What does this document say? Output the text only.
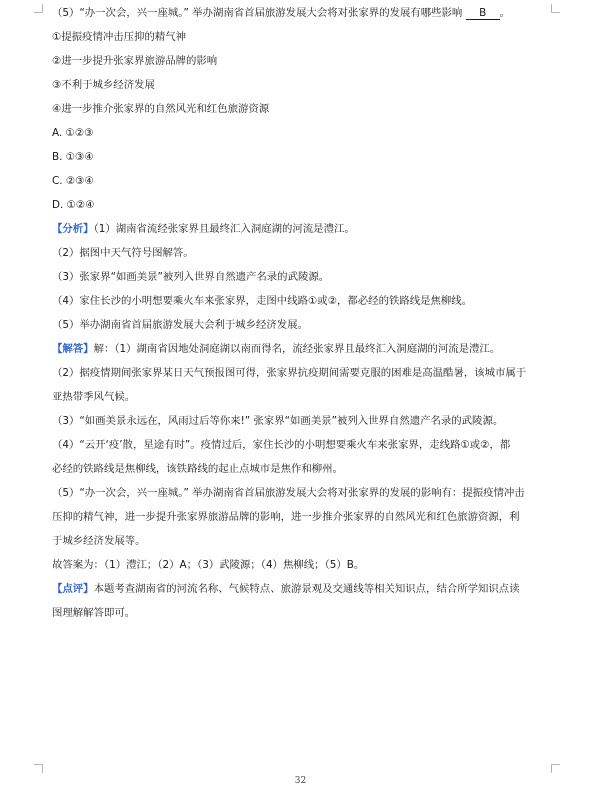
（5）“办一次会，兴一座城。” 举办湖南省首届旅游发展大会将对张家界的发展有哪些影响 B 。

①提振疫情冲击压抑的精气神

②进一步提升张家界旅游品牌的影响

③不利于城乡经济发展

④进一步推介张家界的自然风光和红色旅游资源

A. ①②③

B. ①③④

C. ②③④

D. ①②④

【分析】（1）湖南省流经张家界且最终汇入洞庭湖的河流是澧江。

（2）据图中天气符号图解答。

（3）张家界“如画美景”被列入世界自然遗产名录的武陵源。

（4）家住长沙的小明想要乘火车来张家界，走图中线路①或②，都必经的铁路线是焦柳线。

（5）举办湖南省首届旅游发展大会利于城乡经济发展。

【解答】解：（1）湖南省因地处洞庭湖以南而得名，流经张家界且最终汇入洞庭湖的河流是澧江。

（2）据疫情期间张家界某日天气预报图可得，张家界抗疫期间需要克服的困难是高温酷暑，该城市属于

亚热带季风气候。

（3）“如画美景永远在，风雨过后等你来!” 张家界“如画美景”被列入世界自然遗产名录的武陵源。

（4）“云开‘疫’散，星途有时”。疫情过后，家住长沙的小明想要乘火车来张家界，走线路①或②，都

必经的铁路线是焦柳线，该铁路线的起止点城市是焦作和柳州。

（5）“办一次会，兴一座城。” 举办湖南省首届旅游发展大会将对张家界的发展的影响有：提振疫情冲击

压抑的精气神，进一步提升张家界旅游品牌的影响，进一步推介张家界的自然风光和红色旅游资源，利

于城乡经济发展等。

故答案为：（1）澧江；（2）A；（3）武陵源；（4）焦柳线；（5）B。

【点评】本题考查湖南省的河流名称、气候特点、旅游景观及交通线等相关知识点，结合所学知识点读

图理解解答即可。

32
